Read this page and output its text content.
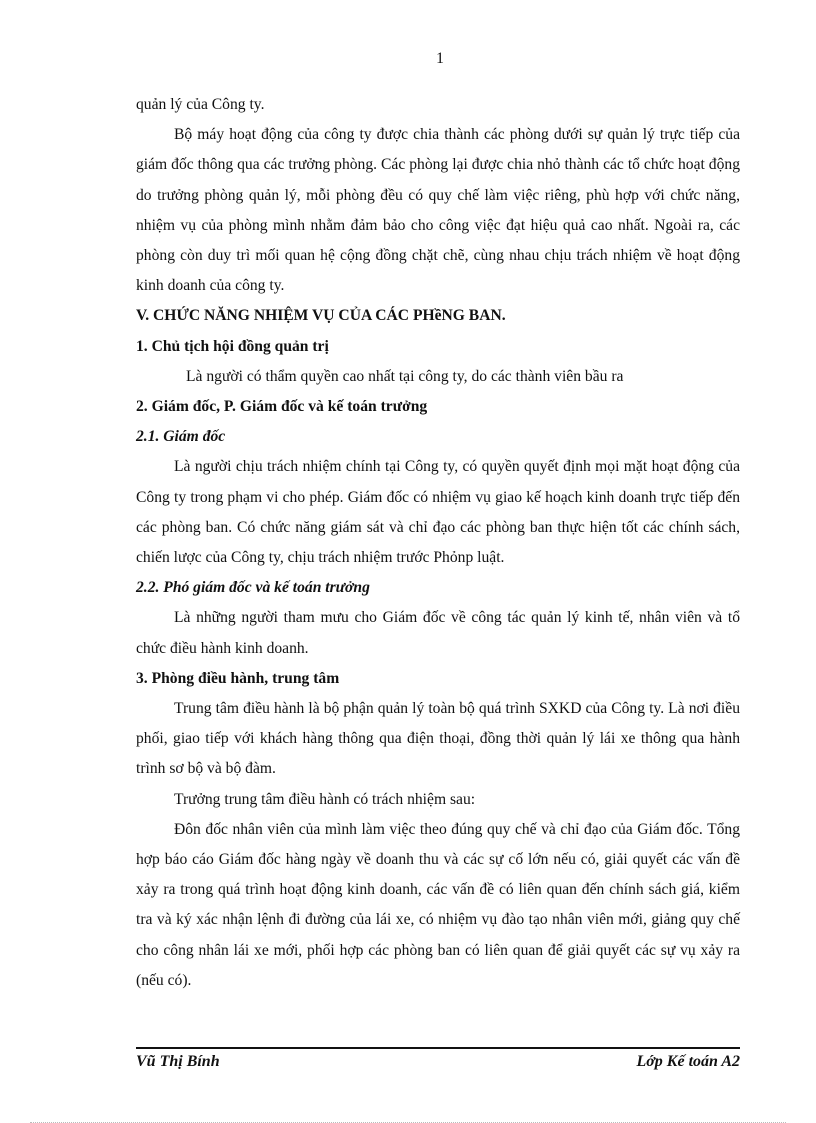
1

quản lý của Công ty.

Bộ máy hoạt động của công ty được chia thành các phòng dưới sự quản lý trực tiếp của giám đốc thông qua các trưởng phòng. Các phòng lại được chia nhỏ thành các tổ chức hoạt động do trưởng phòng quản lý, mỗi phòng đều có quy chế làm việc riêng, phù hợp với chức năng, nhiệm vụ của phòng mình nhằm đảm bảo cho công việc đạt hiệu quả cao nhất. Ngoài ra, các phòng còn duy trì mối quan hệ cộng đồng chặt chẽ, cùng nhau chịu trách nhiệm về hoạt động kinh doanh của công ty.

V. CHỨC NĂNG NHIỆM VỤ CỦA CÁC PHềNG BAN.

1. Chủ tịch hội đồng quản trị

Là người có thẩm quyền cao nhất tại công ty, do các thành viên bầu ra

2. Giám đốc, P. Giám đốc và kế toán trưởng

2.1. Giám đốc

Là người chịu trách nhiệm chính tại Công ty, có quyền quyết định mọi mặt hoạt động của Công ty trong phạm vi cho phép. Giám đốc có nhiệm vụ giao kế hoạch kinh doanh trực tiếp đến các phòng ban. Có chức năng giám sát và chỉ đạo các phòng ban thực hiện tốt các chính sách, chiến lược của Công ty, chịu trách nhiệm trước Phỏnp luật.

2.2. Phó giám đốc và kế toán trưởng

Là những người tham mưu cho Giám đốc về công tác quản lý kinh tế, nhân viên và tổ chức điều hành kinh doanh.

3. Phòng điều hành, trung tâm

Trung tâm điều hành là bộ phận quản lý toàn bộ quá trình SXKD của Công ty. Là nơi điều phối, giao tiếp với khách hàng thông qua điện thoại, đồng thời quản lý lái xe thông qua hành trình sơ bộ và bộ đàm.

Trưởng trung tâm điều hành có trách nhiệm sau:

Đôn đốc nhân viên của mình làm việc theo đúng quy chế và chỉ đạo của Giám đốc. Tổng hợp báo cáo Giám đốc hàng ngày về doanh thu và các sự cố lớn nếu có, giải quyết các vấn đề xảy ra trong quá trình hoạt động kinh doanh, các vấn đề có liên quan đến chính sách giá, kiểm tra và ký xác nhận lệnh đi đường của lái xe, có nhiệm vụ đào tạo nhân viên mới, giảng quy chế cho công nhân lái xe mới, phối hợp các phòng ban có liên quan để giải quyết các sự vụ xảy ra (nếu có).

Vũ Thị Bính	Lớp Kế toán A2
